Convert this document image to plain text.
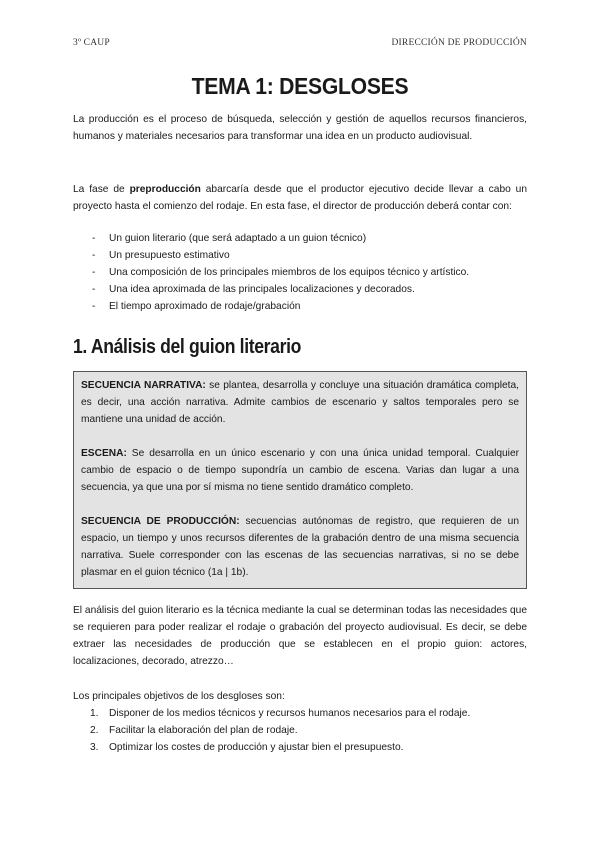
3º CAUP	DIRECCIÓN DE PRODUCCIÓN
TEMA 1: DESGLOSES

La producción es el proceso de búsqueda, selección y gestión de aquellos recursos financieros, humanos y materiales necesarios para transformar una idea en un producto audiovisual.

La fase de preproducción abarcaría desde que el productor ejecutivo decide llevar a cabo un proyecto hasta el comienzo del rodaje. En esta fase, el director de producción deberá contar con:

- Un guion literario (que será adaptado a un guion técnico)
- Un presupuesto estimativo
- Una composición de los principales miembros de los equipos técnico y artístico.
- Una idea aproximada de las principales localizaciones y decorados.
- El tiempo aproximado de rodaje/grabación
1. Análisis del guion literario

SECUENCIA NARRATIVA: se plantea, desarrolla y concluye una situación dramática completa, es decir, una acción narrativa. Admite cambios de escenario y saltos temporales pero se mantiene una unidad de acción.

ESCENA: Se desarrolla en un único escenario y con una única unidad temporal. Cualquier cambio de espacio o de tiempo supondría un cambio de escena. Varias dan lugar a una secuencia, ya que una por sí misma no tiene sentido dramático completo.

SECUENCIA DE PRODUCCIÓN: secuencias autónomas de registro, que requieren de un espacio, un tiempo y unos recursos diferentes de la grabación dentro de una misma secuencia narrativa. Suele corresponder con las escenas de las secuencias narrativas, si no se debe plasmar en el guion técnico (1a | 1b).

El análisis del guion literario es la técnica mediante la cual se determinan todas las necesidades que se requieren para poder realizar el rodaje o grabación del proyecto audiovisual. Es decir, se debe extraer las necesidades de producción que se establecen en el propio guion: actores, localizaciones, decorado, atrezzo…

Los principales objetivos de los desgloses son:

1. Disponer de los medios técnicos y recursos humanos necesarios para el rodaje.
2. Facilitar la elaboración del plan de rodaje.
3. Optimizar los costes de producción y ajustar bien el presupuesto.
